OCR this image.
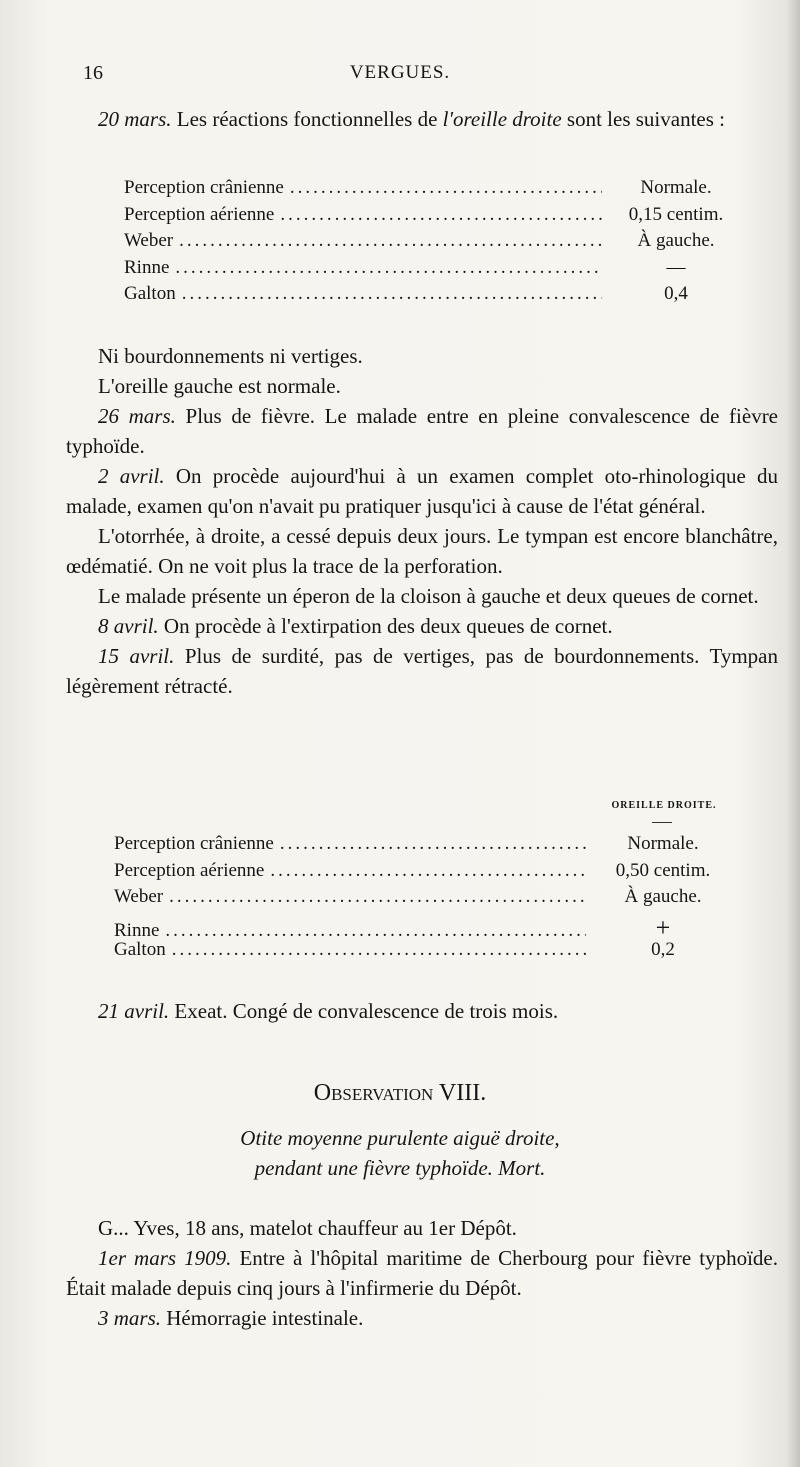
16	VERGUES.

20 mars. Les réactions fonctionnelles de l'oreille droite sont les suivantes :

Perception crânienne .....	Normale.
Perception aérienne .....	0,15 centim.
Weber .....	À gauche.
Rinne .....	—
Galton .....	0,4

Ni bourdonnements ni vertiges.

L'oreille gauche est normale.

26 mars. Plus de fièvre. Le malade entre en pleine convalescence de fièvre typhoïde.

2 avril. On procède aujourd'hui à un examen complet oto-rhinologique du malade, examen qu'on n'avait pu pratiquer jusqu'ici à cause de l'état général.

L'otorrhée, à droite, a cessé depuis deux jours. Le tympan est encore blanchâtre, œdématié. On ne voit plus la trace de la perforation.

Le malade présente un éperon de la cloison à gauche et deux queues de cornet.

8 avril. On procède à l'extirpation des deux queues de cornet.

15 avril. Plus de surdité, pas de vertiges, pas de bourdonnements. Tympan légèrement rétracté.

OREILLE DROITE.
Perception crânienne .....	Normale.
Perception aérienne .....	0,50 centim.
Weber .....	À gauche.
Rinne .....	+
Galton .....	0,2

21 avril. Exeat. Congé de convalescence de trois mois.

Observation VIII.
Otite moyenne purulente aiguë droite,
pendant une fièvre typhoïde. Mort.

G... Yves, 18 ans, matelot chauffeur au 1er Dépôt.

1er mars 1909. Entre à l'hôpital maritime de Cherbourg pour fièvre typhoïde. Était malade depuis cinq jours à l'infirmerie du Dépôt.

3 mars. Hémorragie intestinale.
